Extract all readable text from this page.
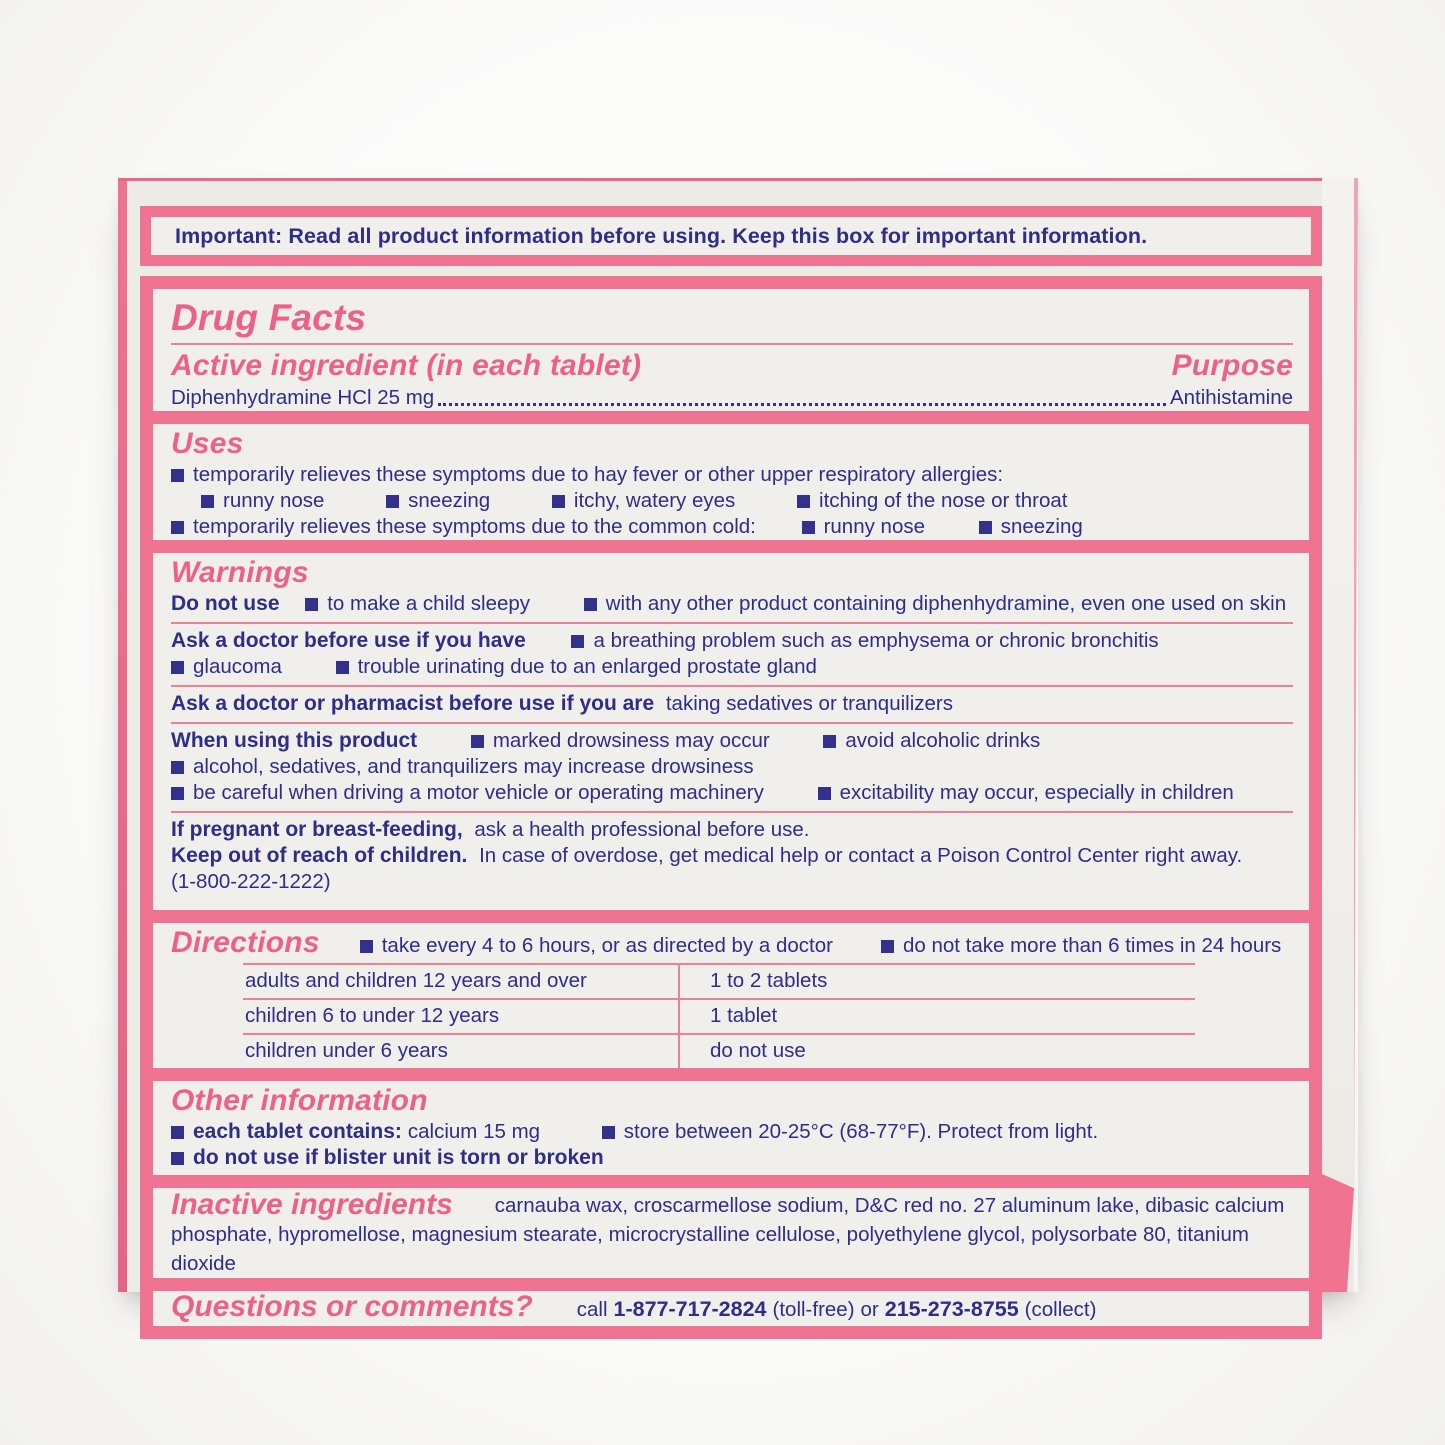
Important: Read all product information before using. Keep this box for important information.
Drug Facts
Active ingredient (in each tablet)	Purpose
Diphenhydramine HCl 25 mg	Antihistamine
Uses

temporarily relieves these symptoms due to hay fever or other upper respiratory allergies:

runny nose	sneezing	itchy, watery eyes	itching of the nose or throat

temporarily relieves these symptoms due to the common cold:	runny nose	sneezing

Warnings

Do not use to make a child sleepy	with any other product containing diphenhydramine, even one used on skin

Ask a doctor before use if you have	a breathing problem such as emphysema or chronic bronchitis

glaucoma	trouble urinating due to an enlarged prostate gland

Ask a doctor or pharmacist before use if you are taking sedatives or tranquilizers

When using this product	marked drowsiness may occur	avoid alcoholic drinks

alcohol, sedatives, and tranquilizers may increase drowsiness

be careful when driving a motor vehicle or operating machinery	excitability may occur, especially in children

If pregnant or breast-feeding, ask a health professional before use.

Keep out of reach of children. In case of overdose, get medical help or contact a Poison Control Center right away.

(1-800-222-1222)

Directions	take every 4 to 6 hours, or as directed by a doctor	do not take more than 6 times in 24 hours
adults and children 12 years and over	1 to 2 tablets
children 6 to under 12 years	1 tablet
children under 6 years	do not use
Other information

each tablet contains: calcium 15 mg	store between 20-25°C (68-77°F). Protect from light.

do not use if blister unit is torn or broken

Inactive ingredients carnauba wax, croscarmellose sodium, D&C red no. 27 aluminum lake, dibasic calcium phosphate, hypromellose, magnesium stearate, microcrystalline cellulose, polyethylene glycol, polysorbate 80, titanium dioxide

Questions or comments? call 1-877-717-2824 (toll-free) or 215-273-8755 (collect)
